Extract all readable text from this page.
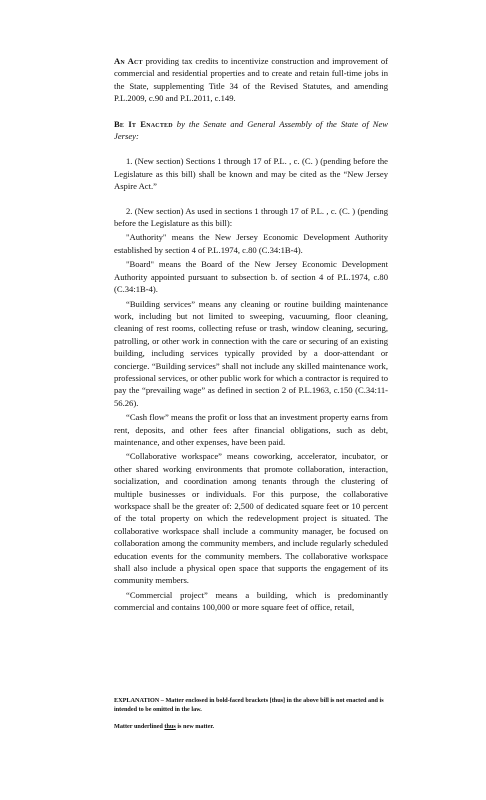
An Act providing tax credits to incentivize construction and improvement of commercial and residential properties and to create and retain full-time jobs in the State, supplementing Title 34 of the Revised Statutes, and amending P.L.2009, c.90 and P.L.2011, c.149.

Be It Enacted by the Senate and General Assembly of the State of New Jersey:

1. (New section) Sections 1 through 17 of P.L. , c. (C. ) (pending before the Legislature as this bill) shall be known and may be cited as the “New Jersey Aspire Act.”

2. (New section) As used in sections 1 through 17 of P.L. , c. (C. ) (pending before the Legislature as this bill):

"Authority" means the New Jersey Economic Development Authority established by section 4 of P.L.1974, c.80 (C.34:1B-4).

"Board" means the Board of the New Jersey Economic Development Authority appointed pursuant to subsection b. of section 4 of P.L.1974, c.80 (C.34:1B-4).

“Building services” means any cleaning or routine building maintenance work, including but not limited to sweeping, vacuuming, floor cleaning, cleaning of rest rooms, collecting refuse or trash, window cleaning, securing, patrolling, or other work in connection with the care or securing of an existing building, including services typically provided by a door-attendant or concierge. “Building services” shall not include any skilled maintenance work, professional services, or other public work for which a contractor is required to pay the “prevailing wage” as defined in section 2 of P.L.1963, c.150 (C.34:11-56.26).

“Cash flow” means the profit or loss that an investment property earns from rent, deposits, and other fees after financial obligations, such as debt, maintenance, and other expenses, have been paid.

“Collaborative workspace” means coworking, accelerator, incubator, or other shared working environments that promote collaboration, interaction, socialization, and coordination among tenants through the clustering of multiple businesses or individuals. For this purpose, the collaborative workspace shall be the greater of: 2,500 of dedicated square feet or 10 percent of the total property on which the redevelopment project is situated. The collaborative workspace shall include a community manager, be focused on collaboration among the community members, and include regularly scheduled education events for the community members. The collaborative workspace shall also include a physical open space that supports the engagement of its community members.

“Commercial project” means a building, which is predominantly commercial and contains 100,000 or more square feet of office, retail,

EXPLANATION – Matter enclosed in bold-faced brackets [thus] in the above bill is not enacted and is intended to be omitted in the law.

Matter underlined thus is new matter.
